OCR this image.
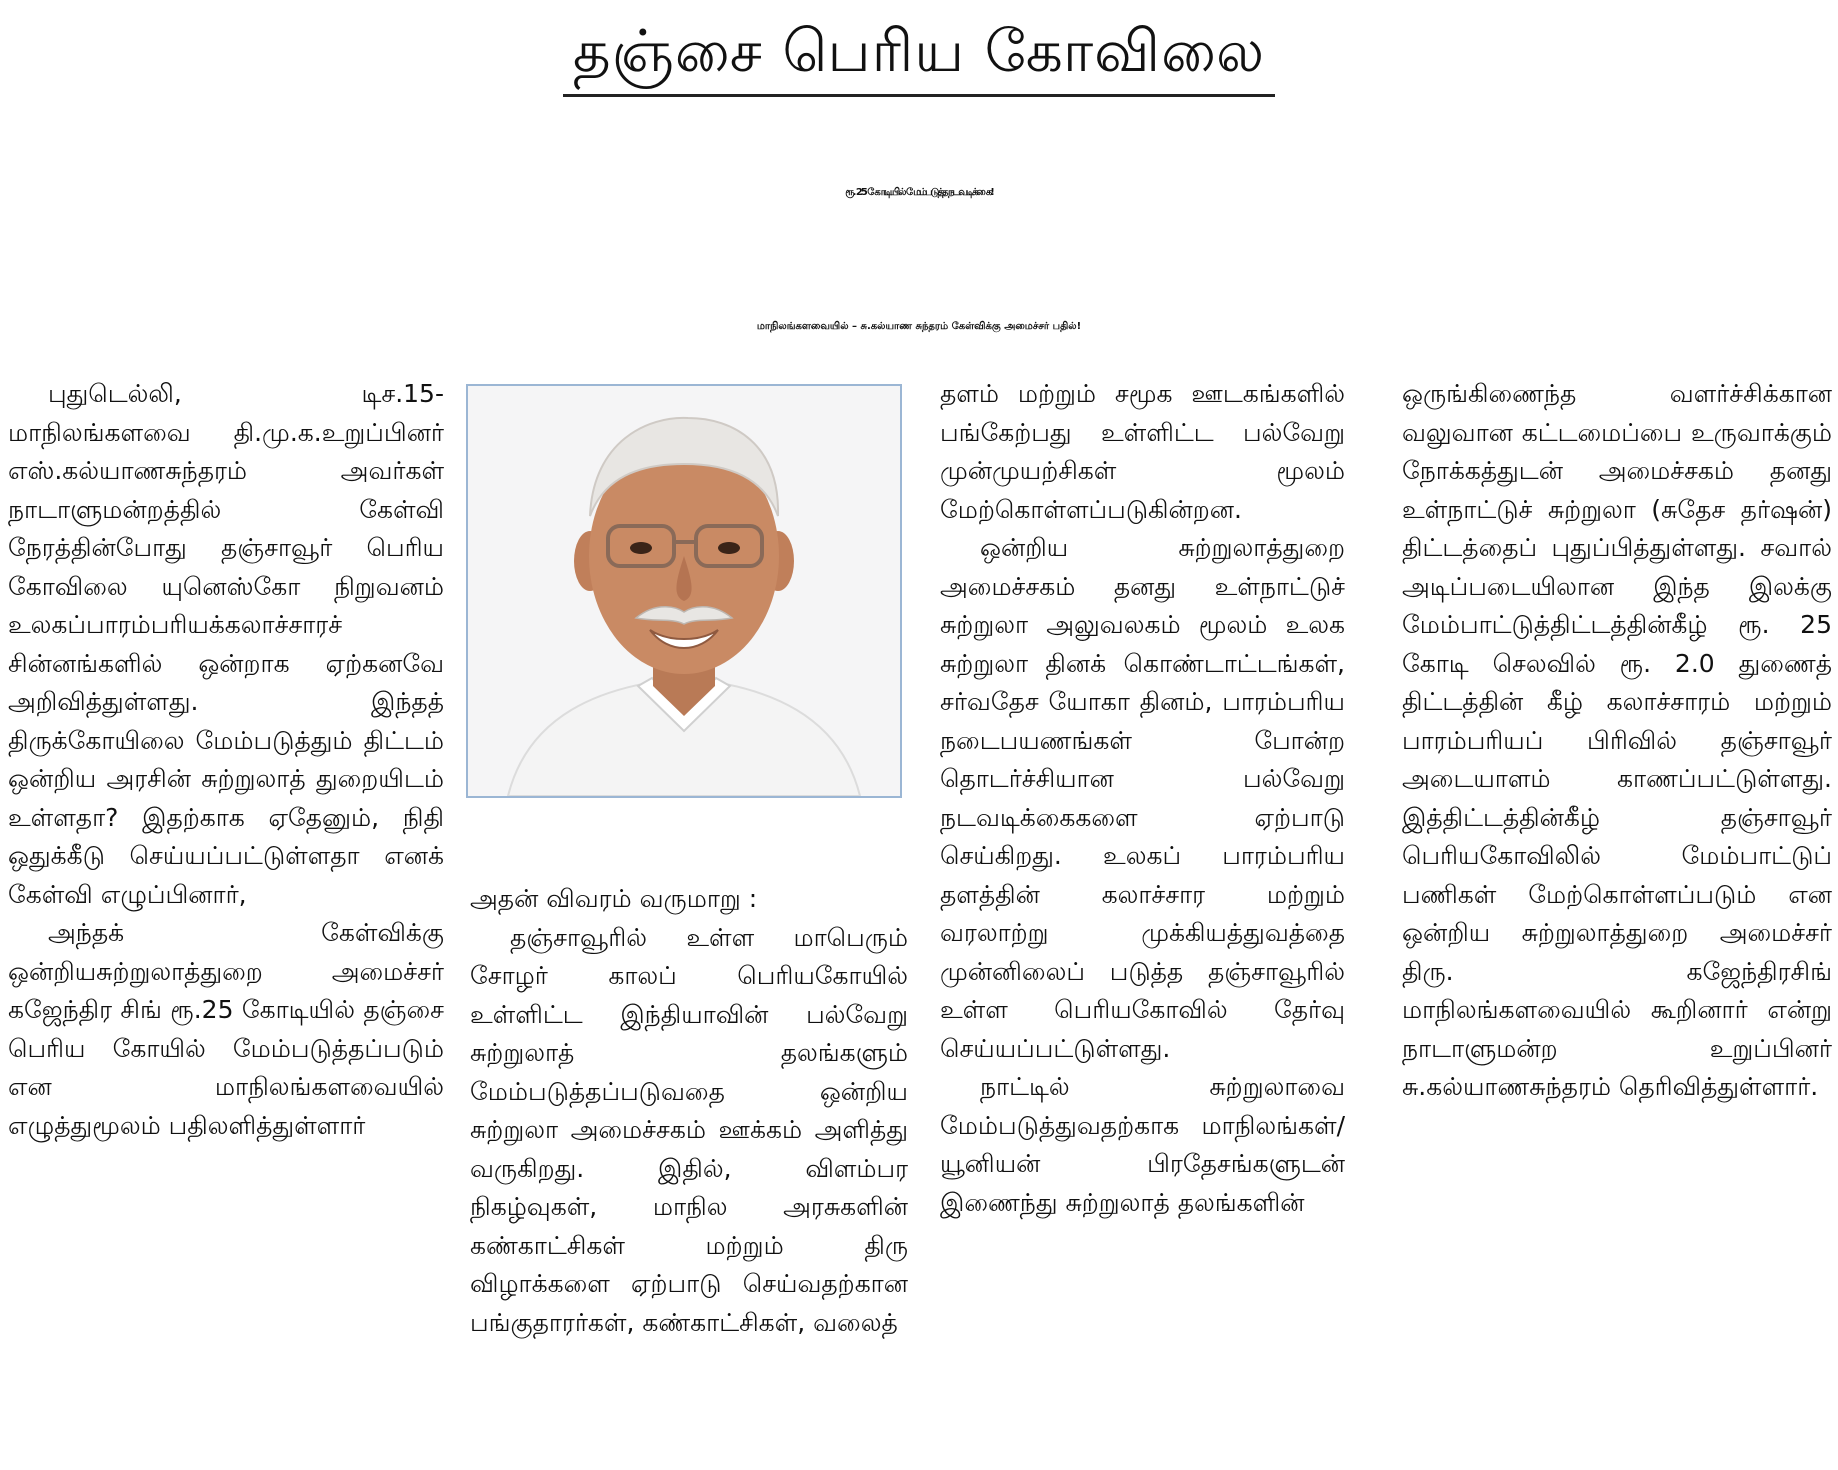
தஞ்சை பெரிய கோவிலை
ரூ. 25 கோடியில் மேம்படுத்த நடவடிக்கை!
மாநிலங்களவையில் – சு.கல்யாண சுந்தரம் கேள்விக்கு அமைச்சர் பதில்!

புதுடெல்லி, டிச.15- மாநிலங்களவை தி.மு.க.உறுப்பினர் எஸ்.கல்யாணசுந்தரம் அவர்கள் நாடாளுமன்றத்தில் கேள்வி நேரத்தின்போது தஞ்சாவூர் பெரிய கோவிலை யுனெஸ்கோ நிறுவனம் உலகப்பாரம்பரியக்கலாச்சாரச் சின்னங்களில் ஒன்றாக ஏற்கனவே அறிவித்துள்ளது. இந்தத் திருக்கோயிலை மேம்படுத்தும் திட்டம் ஒன்றிய அரசின் சுற்றுலாத் துறையிடம் உள்ளதா? இதற்காக ஏதேனும், நிதி ஒதுக்கீடு செய்யப்பட்டுள்ளதா எனக் கேள்வி எழுப்பினார்,

அந்தக் கேள்விக்கு ஒன்றியசுற்றுலாத்துறை அமைச்சர் கஜேந்திர சிங் ரூ.25 கோடியில் தஞ்சை பெரிய கோயில் மேம்படுத்தப்படும் என மாநிலங்களவையில் எழுத்துமூலம் பதிலளித்துள்ளார்

அதன் விவரம் வருமாறு :

தஞ்சாவூரில் உள்ள மாபெரும் சோழர் காலப் பெரியகோயில் உள்ளிட்ட இந்தியாவின் பல்வேறு சுற்றுலாத் தலங்களும் மேம்படுத்தப்படுவதை ஒன்றிய சுற்றுலா அமைச்சகம் ஊக்கம் அளித்து வருகிறது. இதில், விளம்பர நிகழ்வுகள், மாநில அரசுகளின் கண்காட்சிகள் மற்றும் திரு விழாக்களை ஏற்பாடு செய்வதற்கான பங்குதாரர்கள், கண்காட்சிகள், வலைத்

தளம் மற்றும் சமூக ஊடகங்களில் பங்கேற்பது உள்ளிட்ட பல்வேறு முன்முயற்சிகள் மூலம் மேற்கொள்ளப்படுகின்றன.

ஒன்றிய சுற்றுலாத்துறை அமைச்சகம் தனது உள்நாட்டுச் சுற்றுலா அலுவலகம் மூலம் உலக சுற்றுலா தினக் கொண்டாட்டங்கள், சர்வதேச யோகா தினம், பாரம்பரிய நடைபயணங்கள் போன்ற தொடர்ச்சியான பல்வேறு நடவடிக்கைகளை ஏற்பாடு செய்கிறது. உலகப் பாரம்பரிய தளத்தின் கலாச்சார மற்றும் வரலாற்று முக்கியத்துவத்தை முன்னிலைப் படுத்த தஞ்சாவூரில் உள்ள பெரியகோவில் தேர்வு செய்யப்பட்டுள்ளது.

நாட்டில் சுற்றுலாவை மேம்படுத்துவதற்காக மாநிலங்கள்/யூனியன் பிரதேசங்களுடன் இணைந்து சுற்றுலாத் தலங்களின்

ஒருங்கிணைந்த வளர்ச்சிக்கான வலுவான கட்டமைப்பை உருவாக்கும் நோக்கத்துடன் அமைச்சகம் தனது உள்நாட்டுச் சுற்றுலா (சுதேச தர்ஷன்) திட்டத்தைப் புதுப்பித்துள்ளது. சவால் அடிப்படையிலான இந்த இலக்கு மேம்பாட்டுத்திட்டத்தின்கீழ் ரூ. 25 கோடி செலவில் ரூ. 2.0 துணைத் திட்டத்தின் கீழ் கலாச்சாரம் மற்றும் பாரம்பரியப் பிரிவில் தஞ்சாவூர் அடையாளம் காணப்பட்டுள்ளது. இத்திட்டத்தின்கீழ் தஞ்சாவூர் பெரியகோவிலில் மேம்பாட்டுப் பணிகள் மேற்கொள்ளப்படும் என ஒன்றிய சுற்றுலாத்துறை அமைச்சர் திரு. கஜேந்திரசிங் மாநிலங்களவையில் கூறினார் என்று நாடாளுமன்ற உறுப்பினர் சு.கல்யாணசுந்தரம் தெரிவித்துள்ளார்.
